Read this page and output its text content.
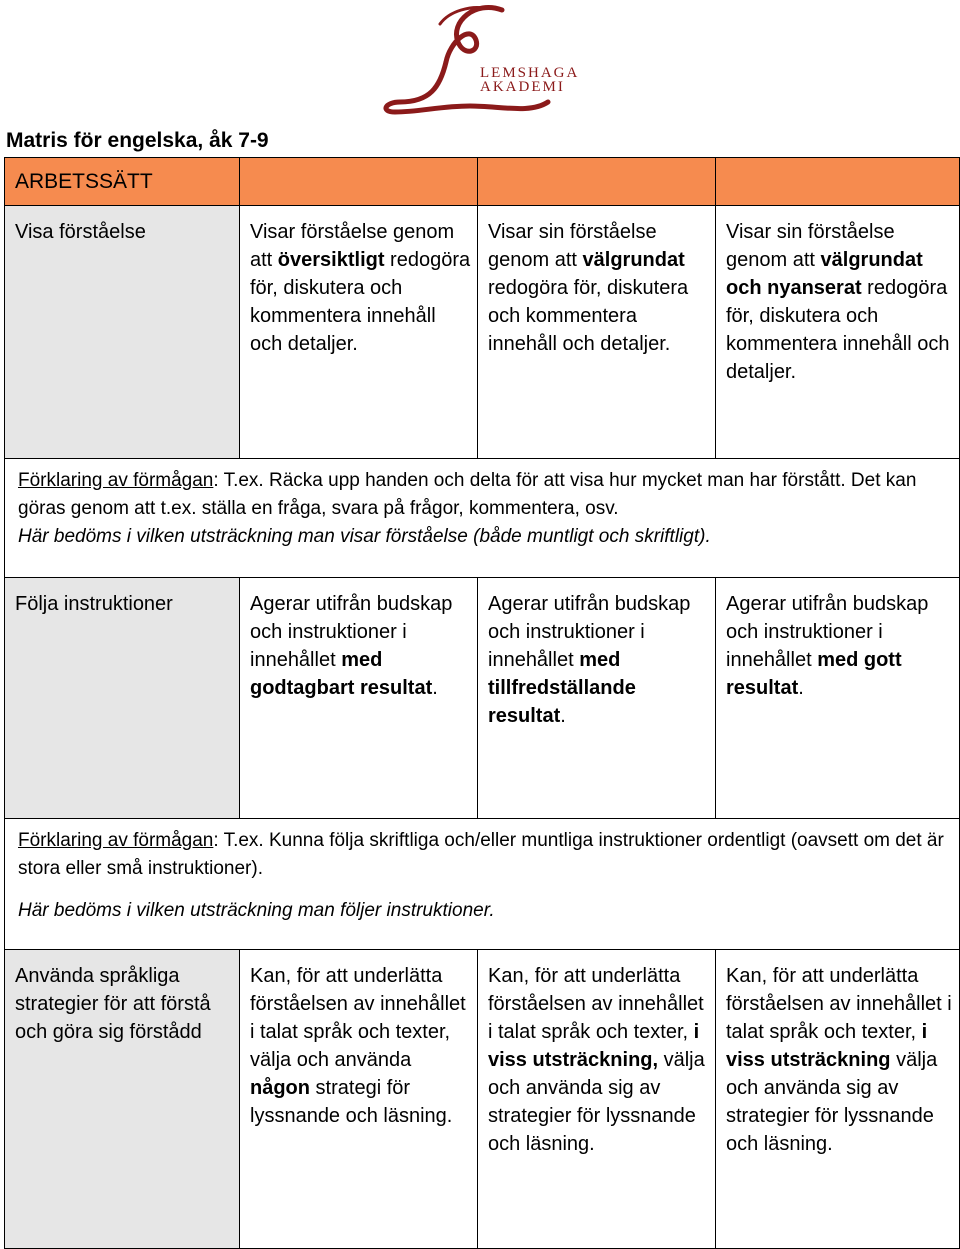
LEMSHAGA
AKADEMI
Matris för engelska, åk 7-9
ARBETSSÄTT			

Visa förståelse	Visar förståelse genom att översiktligt redogöra för, diskutera och kommentera innehåll och detaljer.	Visar sin förståelse genom att välgrundat redogöra för, diskutera och kommentera innehåll och detaljer.	Visar sin förståelse genom att välgrundat och nyanserat redogöra för, diskutera och kommentera innehåll och detaljer.
Förklaring av förmågan: T.ex. Räcka upp handen och delta för att visa hur mycket man har förstått. Det kan göras genom att t.ex. ställa en fråga, svara på frågor, kommentera, osv.
Här bedöms i vilken utsträckning man visar förståelse (både muntligt och skriftligt).			
Följa instruktioner	Agerar utifrån budskap och instruktioner i innehållet med godtagbart resultat.	Agerar utifrån budskap och instruktioner i innehållet med tillfredställande resultat.	Agerar utifrån budskap och instruktioner i innehållet med gott resultat.
Förklaring av förmågan: T.ex. Kunna följa skriftliga och/eller muntliga instruktioner ordentligt (oavsett om det är stora eller små instruktioner).

Här bedöms i vilken utsträckning man följer instruktioner.			
Använda språkliga strategier för att förstå och göra sig förstådd	Kan, för att underlätta förståelsen av innehållet i talat språk och texter, välja och använda någon strategi för lyssnande och läsning.	Kan, för att underlätta förståelsen av innehållet i talat språk och texter, i viss utsträckning, välja och använda sig av strategier för lyssnande och läsning.	Kan, för att underlätta förståelsen av innehållet i talat språk och texter, i viss utsträckning välja och använda sig av strategier för lyssnande och läsning.
